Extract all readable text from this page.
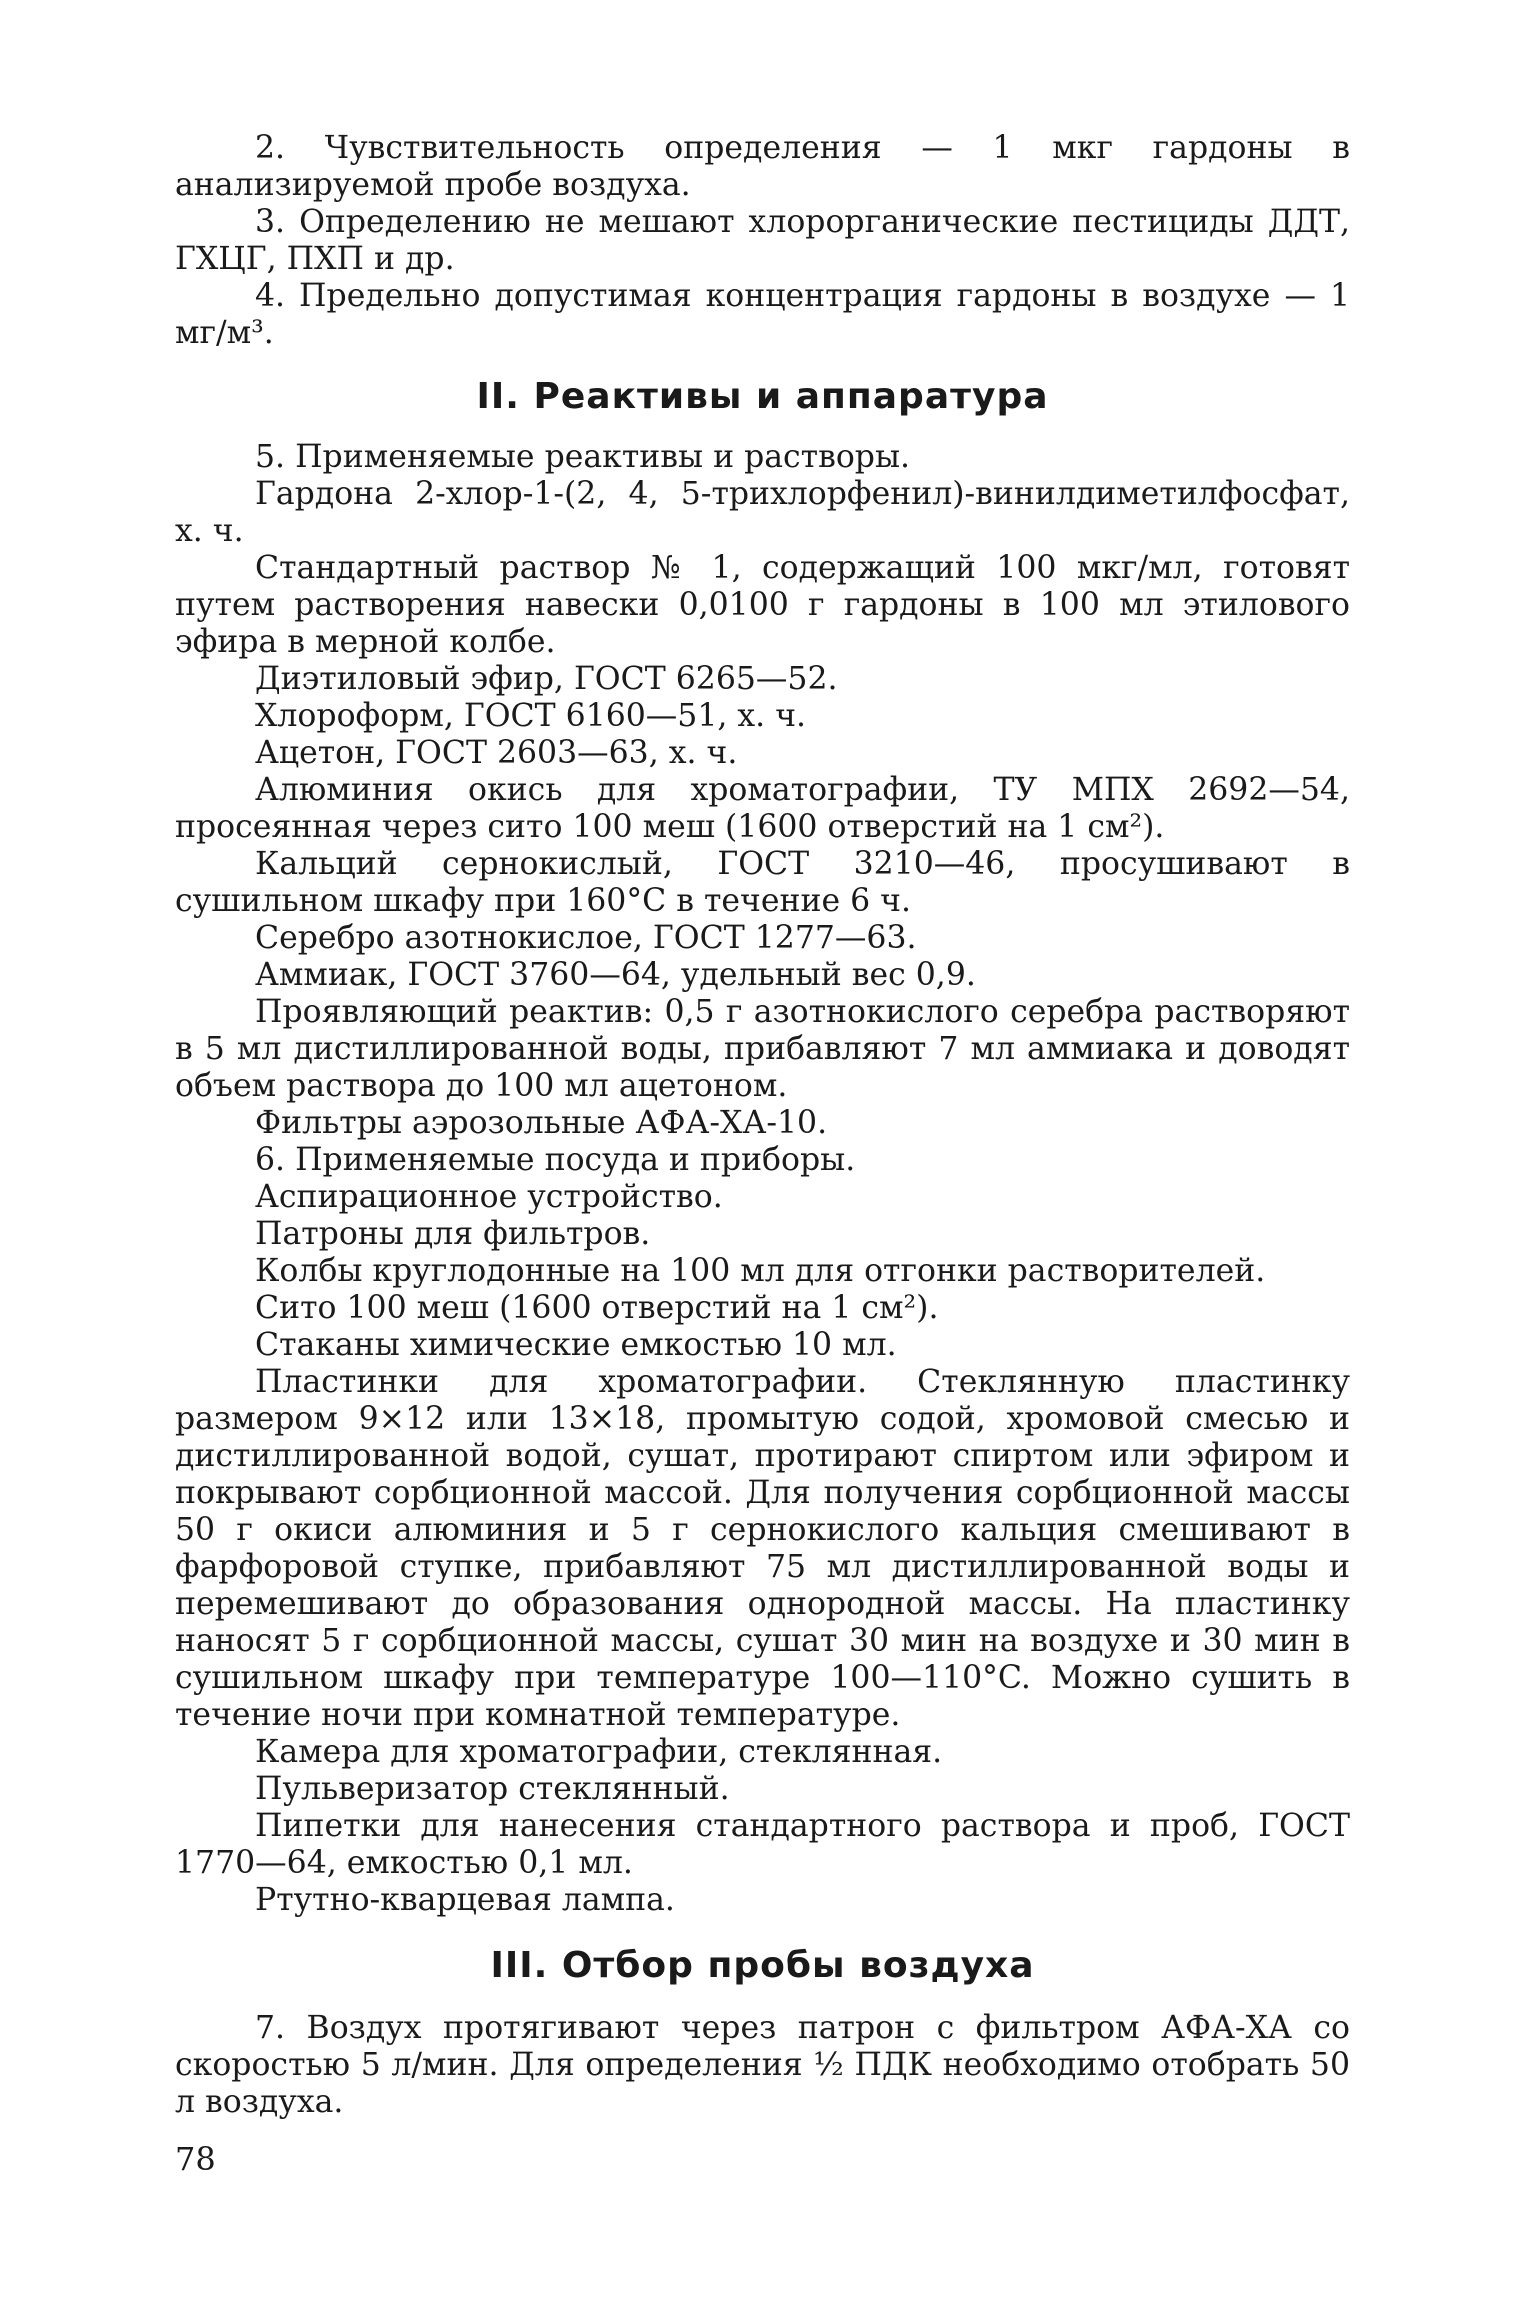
2. Чувствительность определения — 1 мкг гардоны в анализируемой пробе воздуха.

3. Определению не мешают хлорорганические пестициды ДДТ, ГХЦГ, ПХП и др.

4. Предельно допустимая концентрация гардоны в воздухе — 1 мг/м³.

II. Реактивы и аппаратура

5. Применяемые реактивы и растворы.

Гардона 2-хлор-1-(2, 4, 5-трихлорфенил)-винилдиметилфосфат, х. ч.

Стандартный раствор № 1, содержащий 100 мкг/мл, готовят путем растворения навески 0,0100 г гардоны в 100 мл этилового эфира в мерной колбе.

Диэтиловый эфир, ГОСТ 6265—52.

Хлороформ, ГОСТ 6160—51, х. ч.

Ацетон, ГОСТ 2603—63, х. ч.

Алюминия окись для хроматографии, ТУ МПХ 2692—54, просеянная через сито 100 меш (1600 отверстий на 1 см²).

Кальций сернокислый, ГОСТ 3210—46, просушивают в сушильном шкафу при 160°C в течение 6 ч.

Серебро азотнокислое, ГОСТ 1277—63.

Аммиак, ГОСТ 3760—64, удельный вес 0,9.

Проявляющий реактив: 0,5 г азотнокислого серебра растворяют в 5 мл дистиллированной воды, прибавляют 7 мл аммиака и доводят объем раствора до 100 мл ацетоном.

Фильтры аэрозольные АФА-ХА-10.

6. Применяемые посуда и приборы.

Аспирационное устройство.

Патроны для фильтров.

Колбы круглодонные на 100 мл для отгонки растворителей.

Сито 100 меш (1600 отверстий на 1 см²).

Стаканы химические емкостью 10 мл.

Пластинки для хроматографии. Стеклянную пластинку размером 9×12 или 13×18, промытую содой, хромовой смесью и дистиллированной водой, сушат, протирают спиртом или эфиром и покрывают сорбционной массой. Для получения сорбционной массы 50 г окиси алюминия и 5 г сернокислого кальция смешивают в фарфоровой ступке, прибавляют 75 мл дистиллированной воды и перемешивают до образования однородной массы. На пластинку наносят 5 г сорбционной массы, сушат 30 мин на воздухе и 30 мин в сушильном шкафу при температуре 100—110°C. Можно сушить в течение ночи при комнатной температуре.

Камера для хроматографии, стеклянная.

Пульверизатор стеклянный.

Пипетки для нанесения стандартного раствора и проб, ГОСТ 1770—64, емкостью 0,1 мл.

Ртутно-кварцевая лампа.

III. Отбор пробы воздуха

7. Воздух протягивают через патрон с фильтром АФА-ХА со скоростью 5 л/мин. Для определения ½ ПДК необходимо отобрать 50 л воздуха.

78
